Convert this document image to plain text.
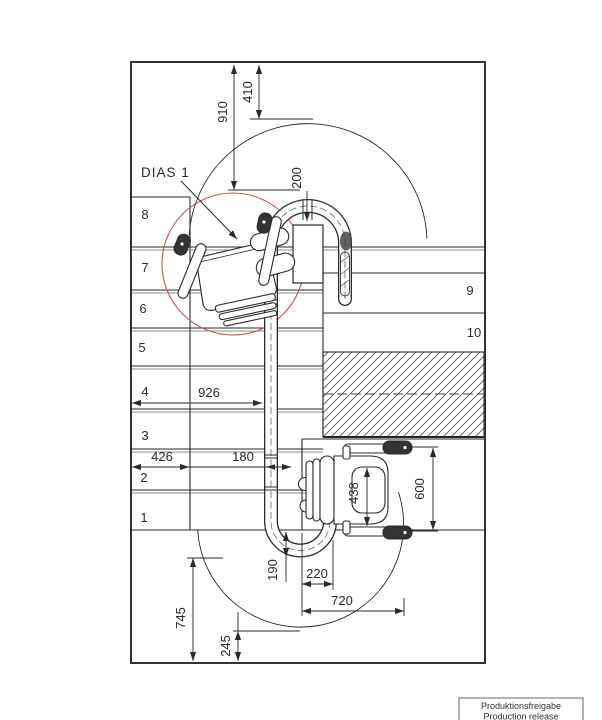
8
7
6
5
4
3
2
1
9
10
410
910
200
926
426	180
438	600
190 220
720
745
245
DIAS 1
Produktionsfreigabe
Production release
